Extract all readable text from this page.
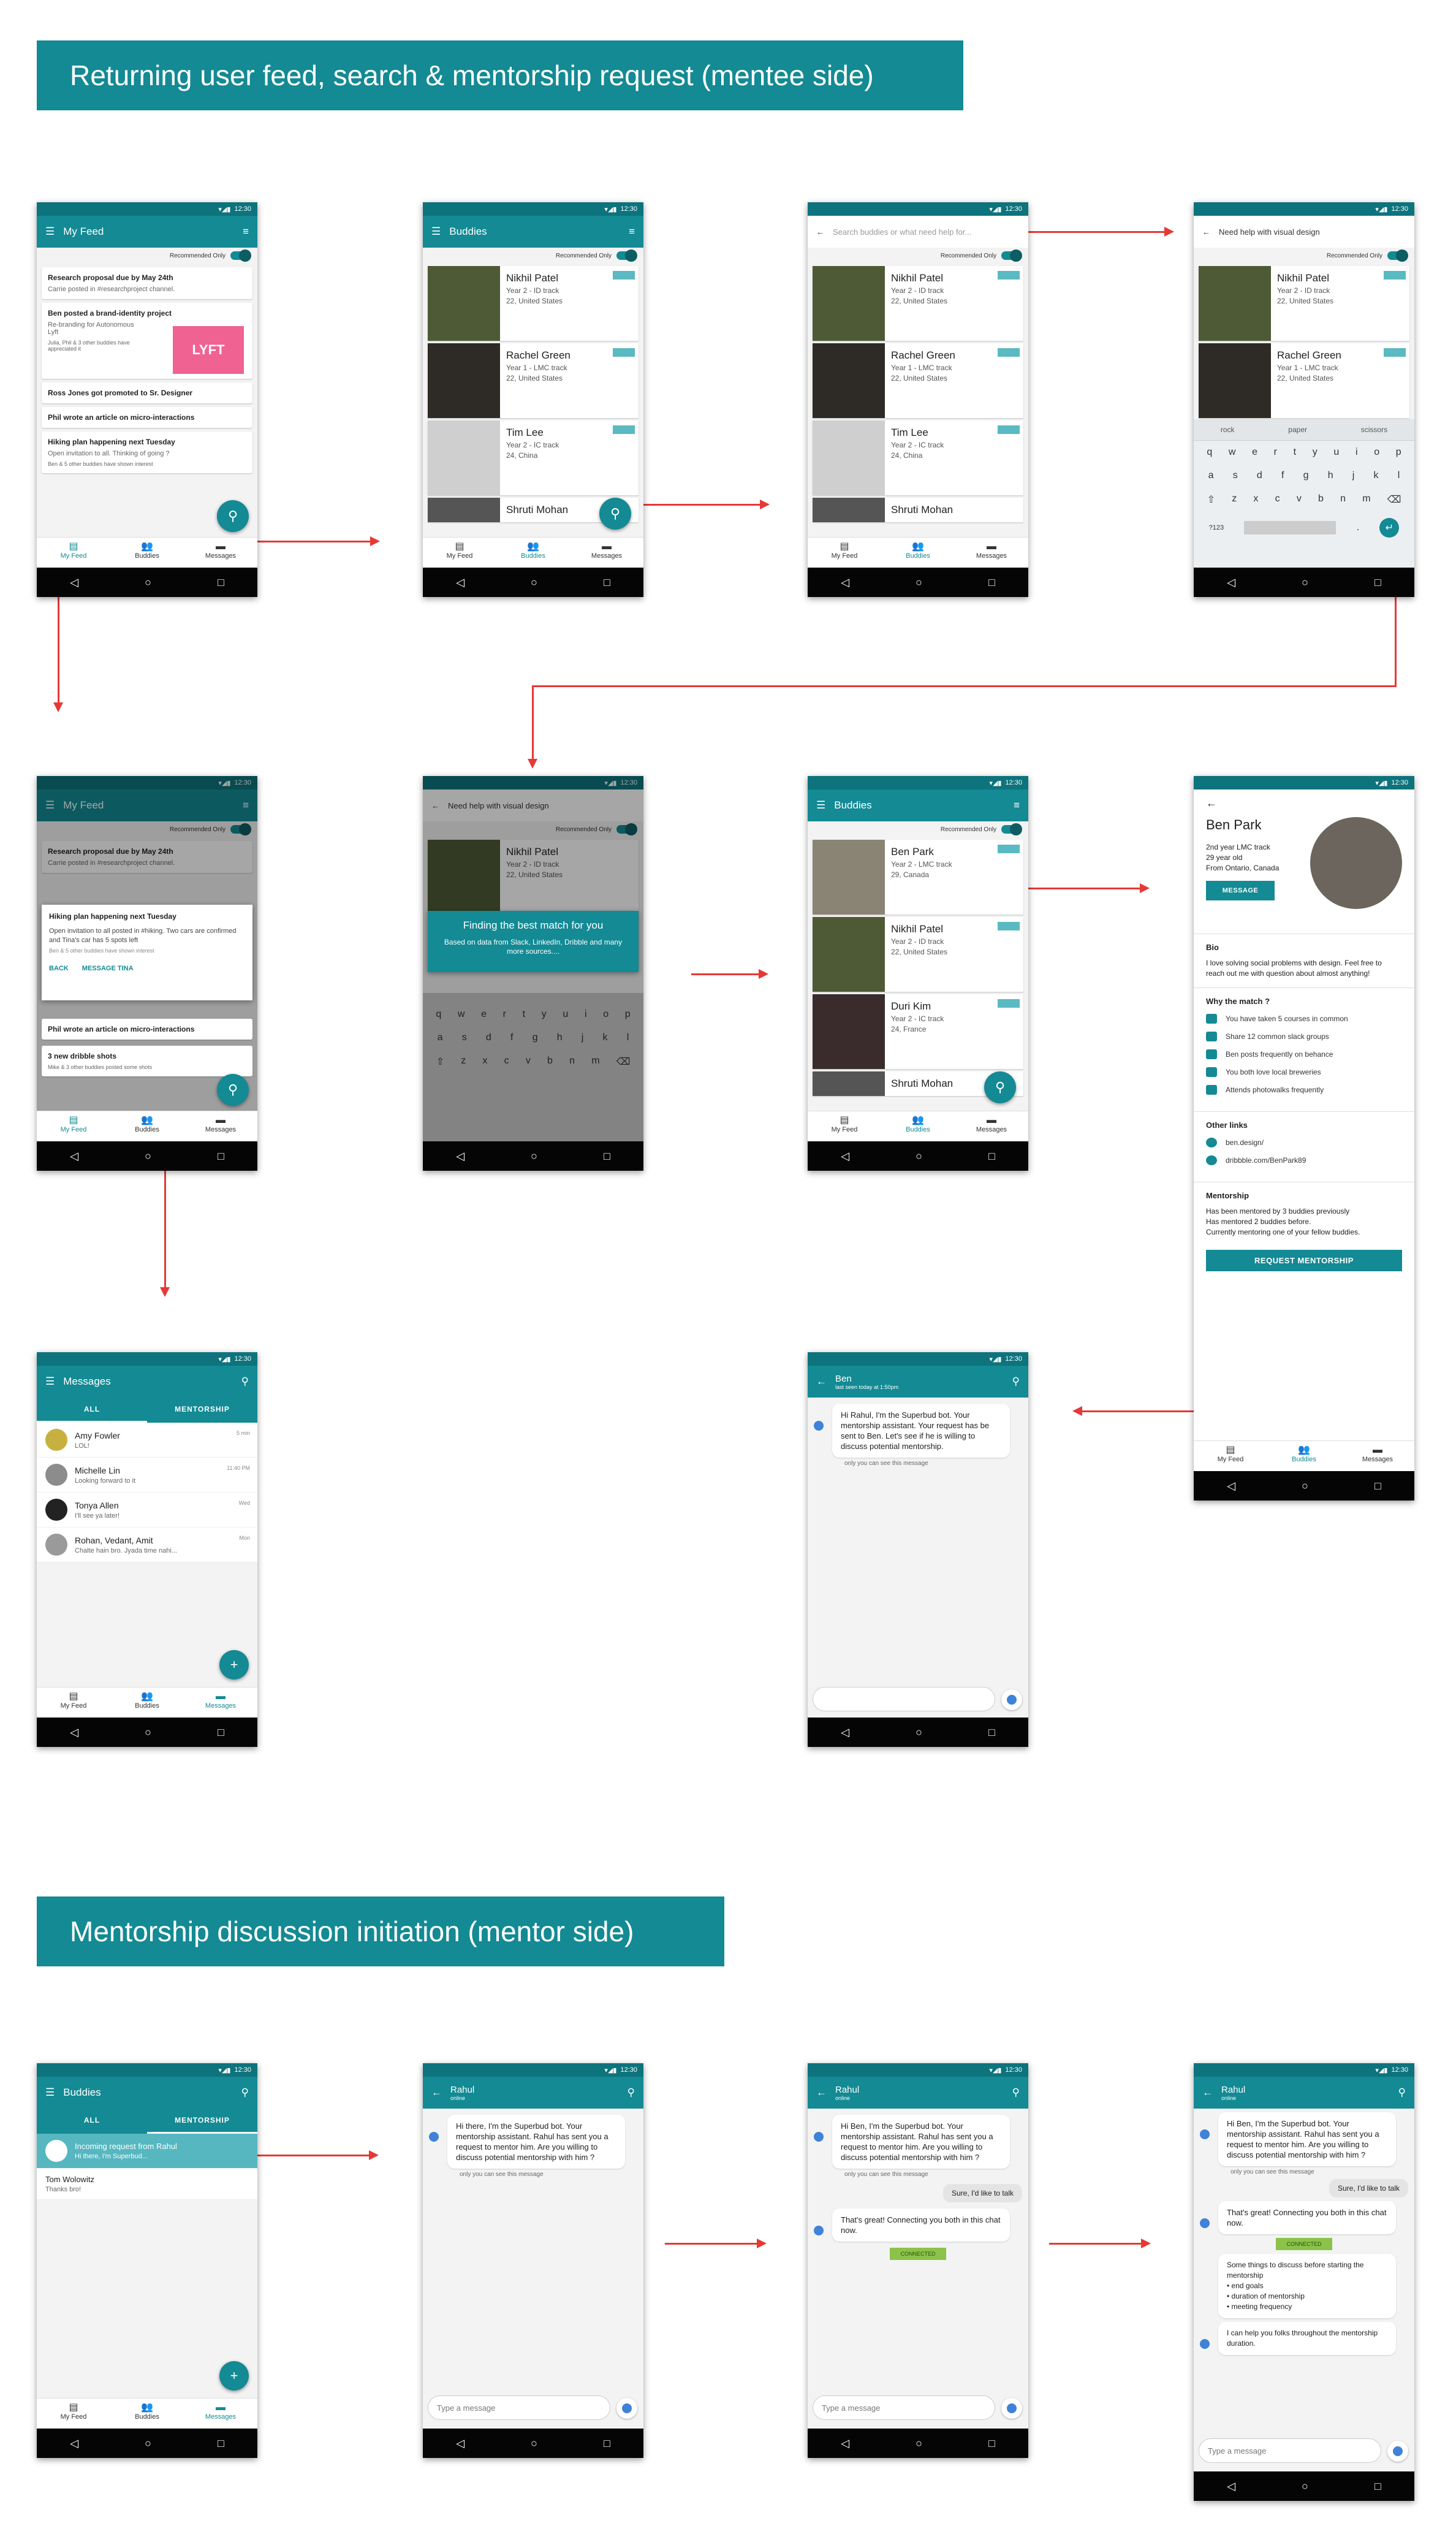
Returning user feed, search & mentorship request (mentee side)
Mentorship discussion initiation (mentor side)
▾◢▮ 12:30
☰ My Feed	≡
Recommended Only
Research proposal due by May 24th
Carrie posted in #researchproject channel.
Ben posted a brand-identity project
Re-branding for Autonomous Lyft
Julia, Phil & 3 other buddies have appreciated it	LYFT
Ross Jones got promoted to Sr. Designer
Phil wrote an article on micro-interactions
Hiking plan happening next Tuesday
Open invitation to all. Thinking of going ?
Ben & 5 other buddies have shown interest
⚲
▤
My Feed
👥
Buddies
▬
Messages
◁	○	□
▾◢▮ 12:30
☰ Buddies	≡
Recommended Only
Nikhil Patel
Year 2 - ID track
22, United States
Rachel Green
Year 1 - LMC track
22, United States
Tim Lee
Year 2 - IC track
24, China
Shruti Mohan	⚲
▤
My Feed
👥
Buddies
▬
Messages
◁	○	□
▾◢▮ 12:30
← Search buddies or what need help for...
Recommended Only
Nikhil Patel
Year 2 - ID track
22, United States
Rachel Green
Year 1 - LMC track
22, United States
Tim Lee
Year 2 - IC track
24, China
Shruti Mohan
▤
My Feed
👥
Buddies
▬
Messages
◁	○	□
▾◢▮ 12:30
← Need help with visual design
Recommended Only
Nikhil Patel
Year 2 - ID track
22, United States
Rachel Green
Year 1 - LMC track
22, United States
rock	paper	scissors
q w e r t y u i o p
a s d f g h j k l
⇧ z x c v b n m ⌫
?123	.	↵
◁	○	□
▾◢▮ 12:30
☰ My Feed	≡
Recommended Only
Research proposal due by May 24th
Carrie posted in #researchproject channel.
Hiking plan happening next Tuesday
Open invitation to all posted in #hiking. Two cars are confirmed and Tina's car has 5 spots left
Ben & 5 other buddies have shown interest
BACK MESSAGE TINA
Phil wrote an article on micro-interactions
3 new dribble shots
Mike & 3 other buddies posted some shots
⚲
▤
My Feed
👥
Buddies
▬
Messages
◁	○	□
▾◢▮ 12:30
← Need help with visual design
Recommended Only
Nikhil Patel
Year 2 - ID track
22, United States
q w e r t y u i o p
a s d f g h j k l
⇧ z x c v b n m ⌫
Finding the best match for you
Based on data from Slack, LinkedIn, Dribble and many more sources....
◁	○	□
▾◢▮ 12:30
☰ Buddies	≡
Recommended Only
Ben Park
Year 2 - LMC track
29, Canada
Nikhil Patel
Year 2 - ID track
22, United States
Duri Kim
Year 2 - IC track
24, France
Shruti Mohan	⚲
▤
My Feed
👥
Buddies
▬
Messages
◁	○	□
▾◢▮ 12:30
←
Ben Park
2nd year LMC track
29 year old
From Ontario, Canada
MESSAGE
Bio
I love solving social problems with design. Feel free to reach out me with question about almost anything!
Why the match ?
You have taken 5 courses in common
Share 12 common slack groups
Ben posts frequently on behance
You both love local breweries
Attends photowalks frequently
Other links
ben.design/
dribbble.com/BenPark89
Mentorship
Has been mentored by 3 buddies previously
Has mentored 2 buddies before.
Currently mentoring one of your fellow buddies.
REQUEST MENTORSHIP
▤
My Feed
👥
Buddies
▬
Messages
◁	○	□
▾◢▮ 12:30
☰ Messages	⚲
ALL	MENTORSHIP
Amy Fowler
LOL!
5 min
Michelle Lin
Looking forward to it
11:40 PM
Tonya Allen
I'll see ya later!
Wed
Rohan, Vedant, Amit
Chalte hain bro. Jyada time nahi...
Mon
+
▤
My Feed
👥
Buddies
▬
Messages
◁	○	□
▾◢▮ 12:30
← Ben
last seen today at 1:50pm	⚲
Hi Rahul, I'm the Superbud bot. Your mentorship assistant. Your request has be sent to Ben. Let's see if he is willing to discuss potential mentorship.
only you can see this message
◁	○	□
▾◢▮ 12:30
☰ Buddies	⚲
ALL	MENTORSHIP
Incoming request from Rahul
Hi there, I'm Superbud...
Tom Wolowitz
Thanks bro!
+
▤
My Feed
👥
Buddies
▬
Messages
◁	○	□
▾◢▮ 12:30
← Rahul
online	⚲
Hi there, I'm the Superbud bot. Your mentorship assistant. Rahul has sent you a request to mentor him. Are you willing to discuss potential mentorship with him ?
only you can see this message
Type a message
◁	○	□
▾◢▮ 12:30
← Rahul
online	⚲
Hi Ben, I'm the Superbud bot. Your mentorship assistant. Rahul has sent you a request to mentor him. Are you willing to discuss potential mentorship with him ?
only you can see this message
Sure, I'd like to talk
That's great! Connecting you both in this chat now.
CONNECTED
Type a message
◁	○	□
▾◢▮ 12:30
← Rahul
online	⚲
Hi Ben, I'm the Superbud bot. Your mentorship assistant. Rahul has sent you a request to mentor him. Are you willing to discuss potential mentorship with him ?
only you can see this message
Sure, I'd like to talk
That's great! Connecting you both in this chat now.
CONNECTED
Some things to discuss before starting the mentorship
• end goals
• duration of mentorship
• meeting frequency
I can help you folks throughout the mentorship duration.
Type a message
◁	○	□
